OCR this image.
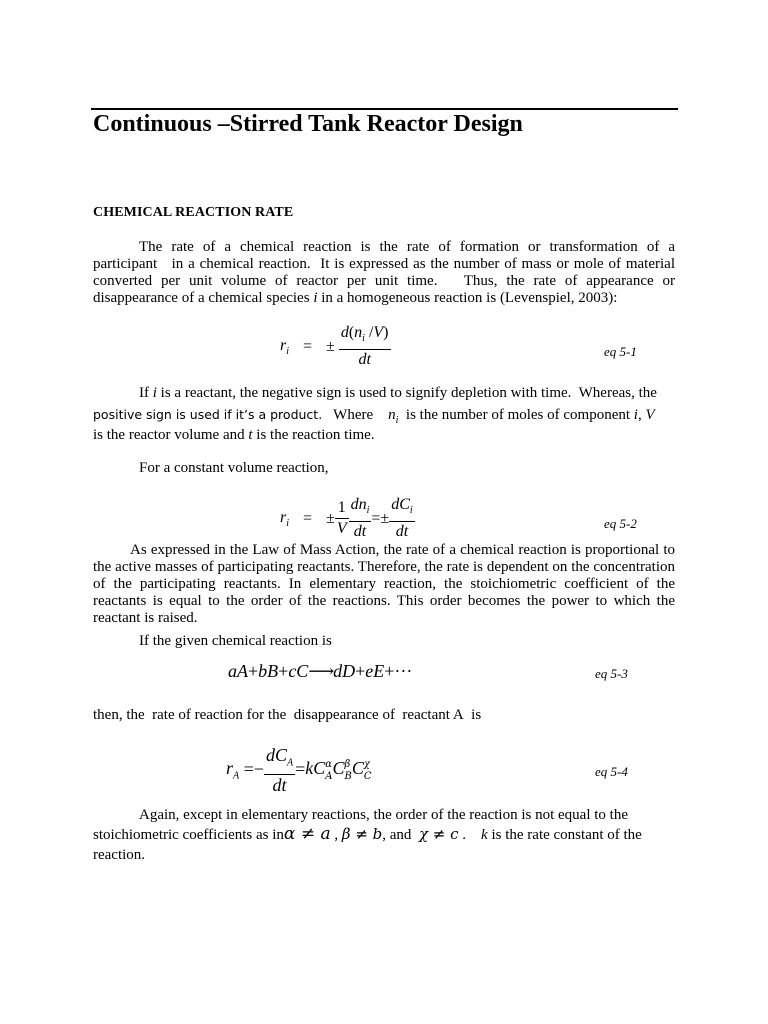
Continuous –Stirred Tank Reactor Design
CHEMICAL REACTION RATE
The rate of a chemical reaction is the rate of formation or transformation of a participant   in a chemical reaction.  It is expressed as the number of mass or mole of material converted per unit volume of reactor per unit time.   Thus, the rate of appearance or disappearance of a chemical species i in a homogeneous reaction is (Levenspiel, 2003):
$r_i$ = ± $\frac{d(n_i /V)}{dt}$	eq 5-1
If i is a reactant, the negative sign is used to signify depletion with time.  Whereas, the
positive sign is used if it’s a product.   Where    $n_i$  is the number of moles of component i, V
is the reactor volume and t is the reaction time.
For a constant volume reaction,
$r_i$ = ± $\frac{1}{V} \frac{dn_i}{dt} =\pm \frac{dC_i}{dt}$	eq 5-2
As expressed in the Law of Mass Action, the rate of a chemical reaction is proportional to the active masses of participating reactants. Therefore, the rate is dependent on the concentration of the participating reactants. In elementary reaction, the stoichiometric coefficient of the reactants is equal to the order of the reactions. This order becomes the power to which the reactant is raised.
If the given chemical reaction is
aA+bB+cC⟶dD+eE+···	eq 5-3
then, the  rate of reaction for the  disappearance of  reactant A  is
$r_A =- \frac{dC_A}{dt} =kC$ $_{\alpha A}$C $_{\beta B}$C $_{\chi C}$	eq 5-4
Again, except in elementary reactions, the order of the reaction is not equal to the
stoichiometric coefficients as inα ≠ a , β ≠ b, and  χ ≠ c .    k is the rate constant of the
reaction.
